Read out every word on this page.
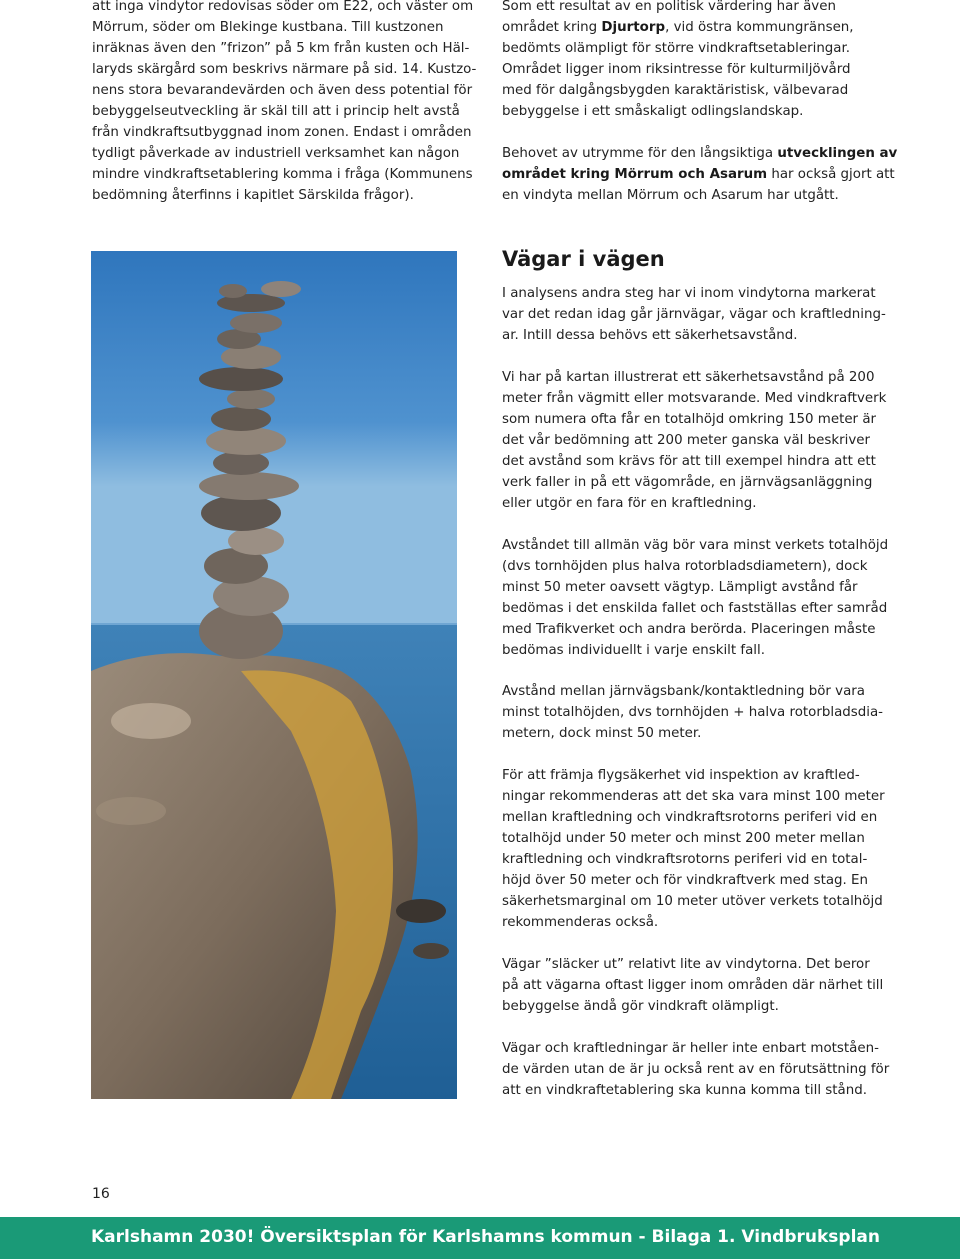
att inga vindytor redovisas söder om E22, och väster om
Mörrum, söder om Blekinge kustbana. Till kustzonen
inräknas även den ”frizon” på 5 km från kusten och Häl-
laryds skärgård som beskrivs närmare på sid. 14. Kustzo-
nens stora bevarandevärden och även dess potential för
bebyggelseutveckling är skäl till att i princip helt avstå
från vindkraftsutbyggnad inom zonen. Endast i områden
tydligt påverkade av industriell verksamhet kan någon
mindre vindkraftsetablering komma i fråga (Kommunens
bedömning återfinns i kapitlet Särskilda frågor).
Som ett resultat av en politisk värdering har även
området kring Djurtorp, vid östra kommungränsen,
bedömts olämpligt för större vindkraftsetableringar.
Området ligger inom riksintresse för kulturmiljövård
med för dalgångsbygden karaktäristisk, välbevarad
bebyggelse i ett småskaligt odlingslandskap.
Behovet av utrymme för den långsiktiga utvecklingen av
området kring Mörrum och Asarum har också gjort att
en vindyta mellan Mörrum och Asarum har utgått.
Vägar i vägen
I analysens andra steg har vi inom vindytorna markerat
var det redan idag går järnvägar, vägar och kraftledning-
ar. Intill dessa behövs ett säkerhetsavstånd.
Vi har på kartan illustrerat ett säkerhetsavstånd på 200
meter från vägmitt eller motsvarande. Med vindkraftverk
som numera ofta får en totalhöjd omkring 150 meter är
det vår bedömning att 200 meter ganska väl beskriver
det avstånd som krävs för att till exempel hindra att ett
verk faller in på ett vägområde, en järnvägsanläggning
eller utgör en fara för en kraftledning.
Avståndet till allmän väg bör vara minst verkets totalhöjd
(dvs tornhöjden plus halva rotorbladsdiametern), dock
minst 50 meter oavsett vägtyp. Lämpligt avstånd får
bedömas i det enskilda fallet och fastställas efter samråd
med Trafikverket och andra berörda. Placeringen måste
bedömas individuellt i varje enskilt fall.
Avstånd mellan järnvägsbank/kontaktledning bör vara
minst totalhöjden, dvs tornhöjden + halva rotorbladsdia-
metern, dock minst 50 meter.
För att främja flygsäkerhet vid inspektion av kraftled-
ningar rekommenderas att det ska vara minst 100 meter
mellan kraftledning och vindkraftsrotorns periferi vid en
totalhöjd under 50 meter och minst 200 meter mellan
kraftledning och vindkraftsrotorns periferi vid en total-
höjd över 50 meter och för vindkraftverk med stag. En
säkerhetsmarginal om 10 meter utöver verkets totalhöjd
rekommenderas också.
Vägar ”släcker ut” relativt lite av vindytorna. Det beror
på att vägarna oftast ligger inom områden där närhet till
bebyggelse ändå gör vindkraft olämpligt.
Vägar och kraftledningar är heller inte enbart motståen-
de värden utan de är ju också rent av en förutsättning för
att en vindkraftetablering ska kunna komma till stånd.
16
Karlshamn 2030! Översiktsplan för Karlshamns kommun - Bilaga 1. Vindbruksplan
